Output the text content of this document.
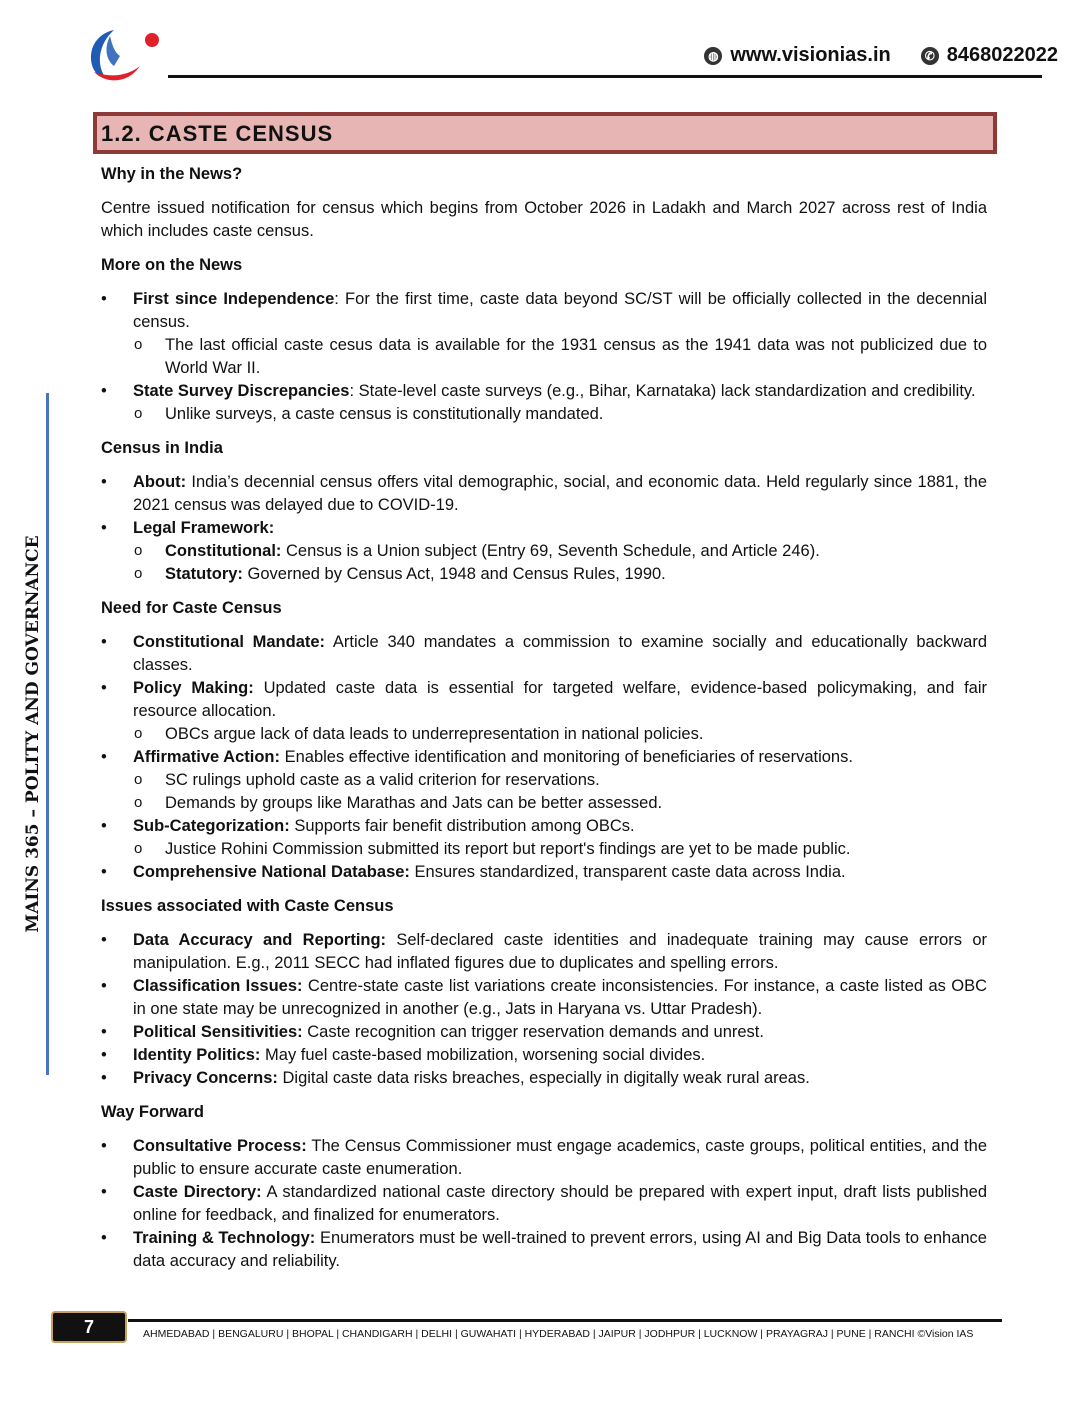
◍ www.visionias.in	✆ 8468022022
1.2. CASTE CENSUS
MAINS 365 – POLITY AND GOVERNANCE
Why in the News?

Centre issued notification for census which begins from October 2026 in Ladakh and March 2027 across rest of India which includes caste census.

More on the News
• First since Independence: For the first time, caste data beyond SC/ST will be officially collected in the decennial census.
o The last official caste cesus data is available for the 1931 census as the 1941 data was not publicized due to World War II.
• State Survey Discrepancies: State-level caste surveys (e.g., Bihar, Karnataka) lack standardization and credibility.
o Unlike surveys, a caste census is constitutionally mandated.
Census in India
• About: India’s decennial census offers vital demographic, social, and economic data. Held regularly since 1881, the 2021 census was delayed due to COVID-19.
• Legal Framework:
o Constitutional: Census is a Union subject (Entry 69, Seventh Schedule, and Article 246).
o Statutory: Governed by Census Act, 1948 and Census Rules, 1990.
Need for Caste Census
• Constitutional Mandate: Article 340 mandates a commission to examine socially and educationally backward classes.
• Policy Making: Updated caste data is essential for targeted welfare, evidence-based policymaking, and fair resource allocation.
o OBCs argue lack of data leads to underrepresentation in national policies.
• Affirmative Action: Enables effective identification and monitoring of beneficiaries of reservations.
o SC rulings uphold caste as a valid criterion for reservations.
o Demands by groups like Marathas and Jats can be better assessed.
• Sub-Categorization: Supports fair benefit distribution among OBCs.
o Justice Rohini Commission submitted its report but report's findings are yet to be made public.
• Comprehensive National Database: Ensures standardized, transparent caste data across India.
Issues associated with Caste Census
• Data Accuracy and Reporting: Self-declared caste identities and inadequate training may cause errors or manipulation. E.g., 2011 SECC had inflated figures due to duplicates and spelling errors.
• Classification Issues: Centre-state caste list variations create inconsistencies. For instance, a caste listed as OBC in one state may be unrecognized in another (e.g., Jats in Haryana vs. Uttar Pradesh).
• Political Sensitivities: Caste recognition can trigger reservation demands and unrest.
• Identity Politics: May fuel caste-based mobilization, worsening social divides.
• Privacy Concerns: Digital caste data risks breaches, especially in digitally weak rural areas.
Way Forward
• Consultative Process: The Census Commissioner must engage academics, caste groups, political entities, and the public to ensure accurate caste enumeration.
• Caste Directory: A standardized national caste directory should be prepared with expert input, draft lists published online for feedback, and finalized for enumerators.
• Training & Technology: Enumerators must be well-trained to prevent errors, using AI and Big Data tools to enhance data accuracy and reliability.
7	AHMEDABAD | BENGALURU | BHOPAL | CHANDIGARH | DELHI | GUWAHATI | HYDERABAD | JAIPUR | JODHPUR | LUCKNOW | PRAYAGRAJ | PUNE | RANCHI ©Vision IAS
